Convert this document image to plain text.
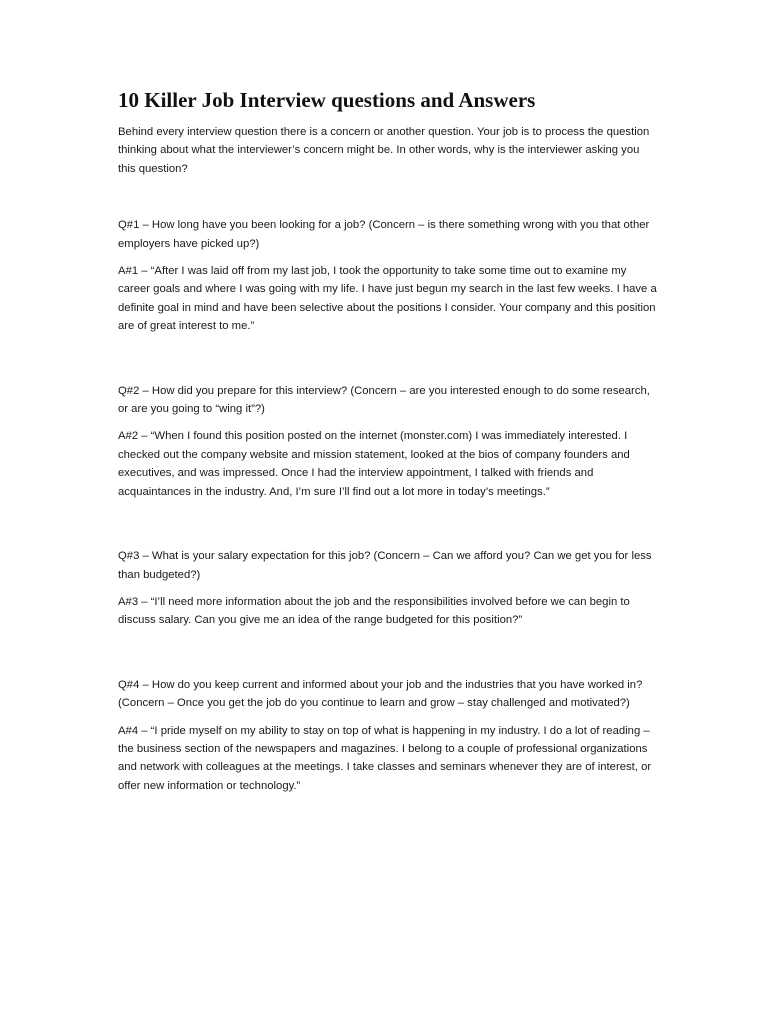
10 Killer Job Interview questions and Answers

Behind every interview question there is a concern or another question. Your job is to process the question thinking about what the interviewer’s concern might be. In other words, why is the interviewer asking you this question?

Q#1 – How long have you been looking for a job? (Concern – is there something wrong with you that other employers have picked up?)

A#1 – “After I was laid off from my last job, I took the opportunity to take some time out to examine my career goals and where I was going with my life. I have just begun my search in the last few weeks. I have a definite goal in mind and have been selective about the positions I consider. Your company and this position are of great interest to me.”

Q#2 – How did you prepare for this interview? (Concern – are you interested enough to do some research, or are you going to “wing it”?)

A#2 – “When I found this position posted on the internet (monster.com) I was immediately interested. I checked out the company website and mission statement, looked at the bios of company founders and executives, and was impressed. Once I had the interview appointment, I talked with friends and acquaintances in the industry. And, I’m sure I’ll find out a lot more in today’s meetings.”

Q#3 – What is your salary expectation for this job? (Concern – Can we afford you? Can we get you for less than budgeted?)

A#3 – “I’ll need more information about the job and the responsibilities involved before we can begin to discuss salary. Can you give me an idea of the range budgeted for this position?”

Q#4 – How do you keep current and informed about your job and the industries that you have worked in? (Concern – Once you get the job do you continue to learn and grow – stay challenged and motivated?)

A#4 – “I pride myself on my ability to stay on top of what is happening in my industry. I do a lot of reading – the business section of the newspapers and magazines. I belong to a couple of professional organizations and network with colleagues at the meetings. I take classes and seminars whenever they are of interest, or offer new information or technology.”
